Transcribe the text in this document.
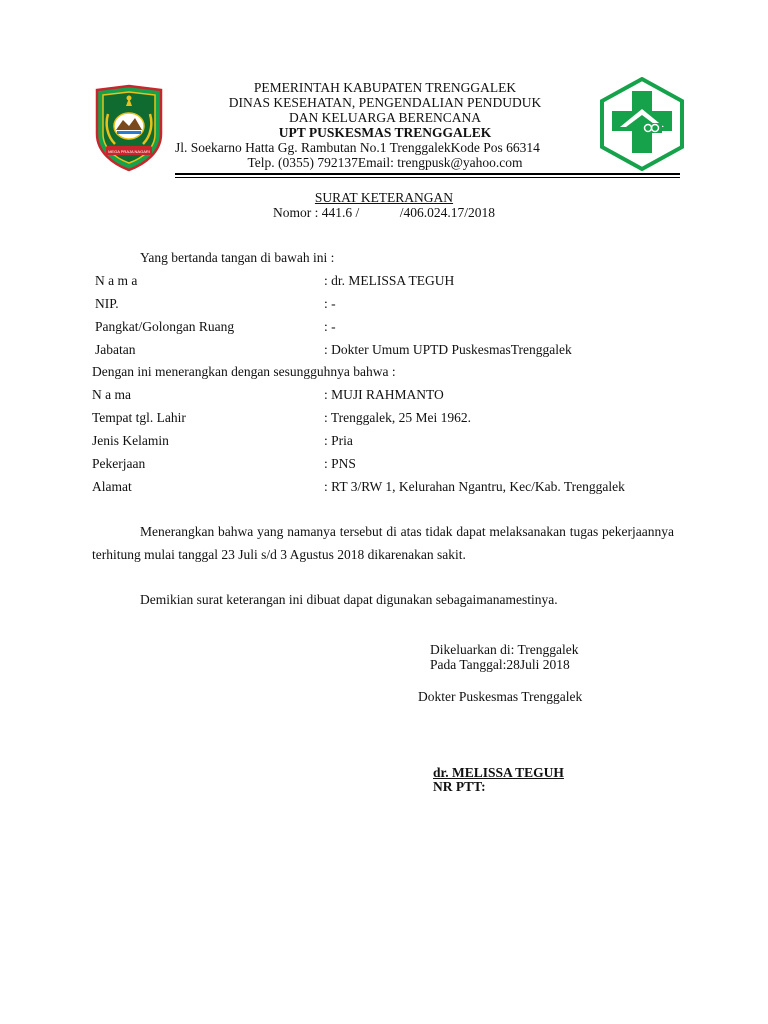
MEGA PRAJA NAGARI
PEMERINTAH KABUPATEN TRENGGALEK
DINAS KESEHATAN, PENGENDALIAN PENDUDUK
DAN KELUARGA BERENCANA
UPT PUSKESMAS TRENGGALEK
Jl. Soekarno Hatta Gg. Rambutan No.1 TrenggalekKode Pos 66314
Telp. (0355) 792137Email: trengpusk@yahoo.com
SURAT KETERANGAN
Nomor : 441.6 /            /406.024.17/2018
Yang bertanda tangan di bawah ini :
N a m a	: dr. MELISSA TEGUH
NIP.	: -
Pangkat/Golongan Ruang	: -
Jabatan	: Dokter Umum UPTD PuskesmasTrenggalek
Dengan ini menerangkan dengan sesungguhnya bahwa :
N a ma	: MUJI RAHMANTO
Tempat tgl. Lahir	: Trenggalek, 25 Mei 1962.
Jenis Kelamin	: Pria
Pekerjaan	: PNS
Alamat	: RT 3/RW 1, Kelurahan Ngantru, Kec/Kab. Trenggalek
Menerangkan bahwa yang namanya tersebut di atas tidak dapat melaksanakan tugas pekerjaannya terhitung mulai tanggal 23 Juli s/d 3 Agustus 2018 dikarenakan sakit.
Demikian surat keterangan ini dibuat dapat digunakan sebagaimanamestinya.
Dikeluarkan di: Trenggalek
Pada Tanggal:28Juli 2018
Dokter Puskesmas Trenggalek
dr. MELISSA TEGUH
NR PTT:
